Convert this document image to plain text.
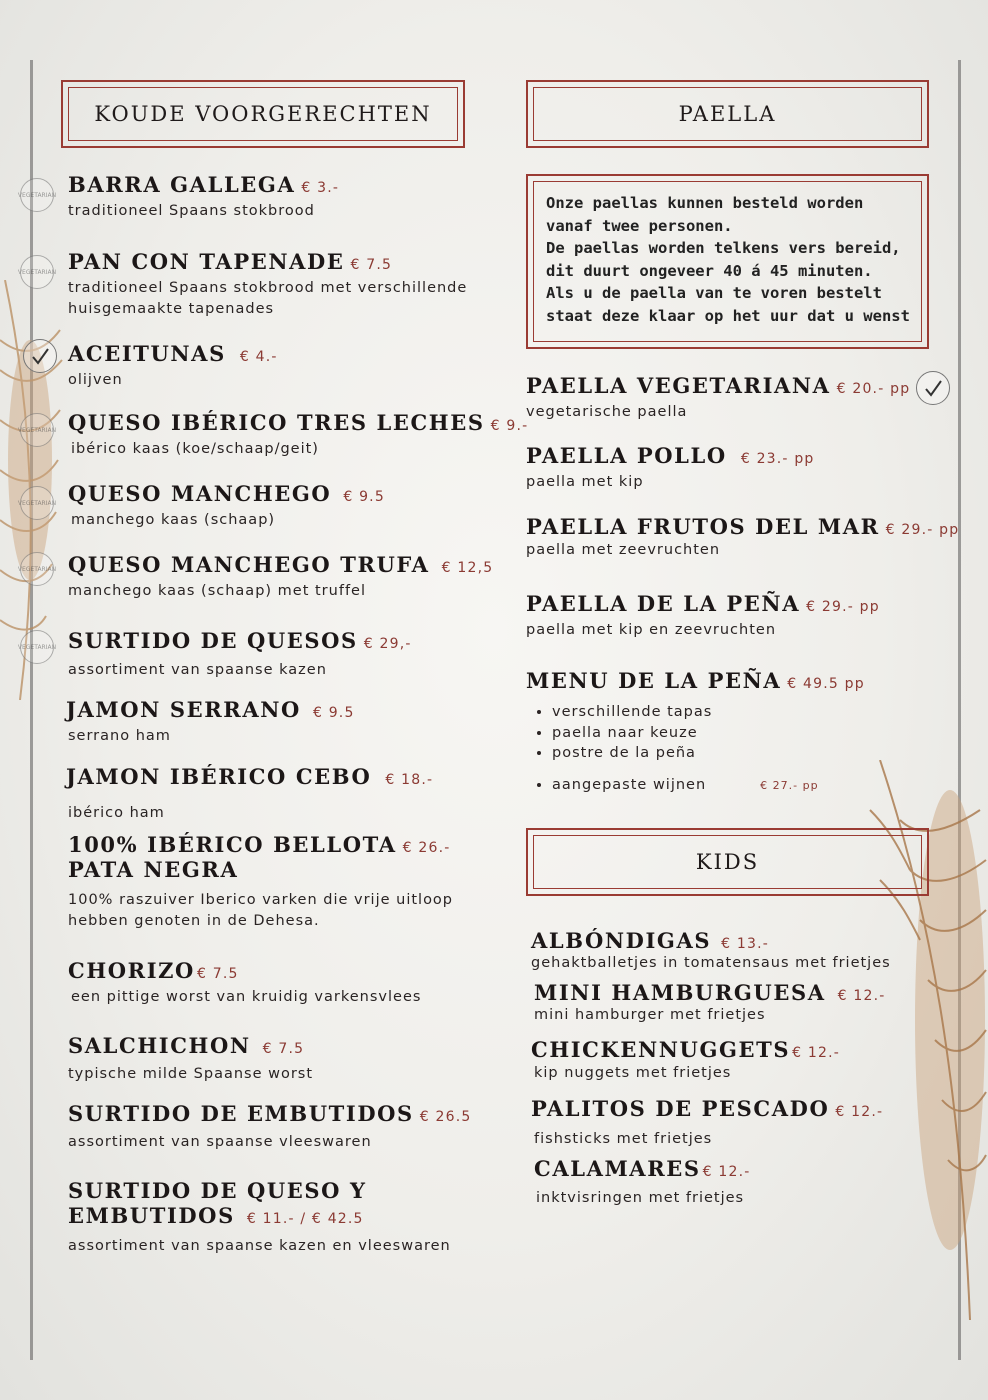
KOUDE VOORGERECHTEN
VEGETARIAN
VEGETARIAN
VEGETARIAN
VEGETARIAN
VEGETARIAN
VEGETARIAN
BARRA GALLEGA € 3.-
traditioneel Spaans stokbrood
PAN CON TAPENADE € 7.5
traditioneel Spaans stokbrood met verschillende huisgemaakte tapenades
ACEITUNAS € 4.-
olijven
QUESO IBÉRICO TRES LECHES € 9.-
ibérico kaas (koe/schaap/geit)
QUESO MANCHEGO € 9.5
manchego kaas (schaap)
QUESO MANCHEGO TRUFA € 12,5
manchego kaas (schaap) met truffel
SURTIDO DE QUESOS € 29,-
assortiment van spaanse kazen
JAMON SERRANO € 9.5
serrano ham
JAMON IBÉRICO CEBO € 18.-
ibérico ham
100% IBÉRICO BELLOTA € 26.-
PATA NEGRA
100% raszuiver Iberico varken die vrije uitloop hebben genoten in de Dehesa.
CHORIZO € 7.5
een pittige worst van kruidig varkensvlees
SALCHICHON € 7.5
typische milde Spaanse worst
SURTIDO DE EMBUTIDOS € 26.5
assortiment van spaanse vleeswaren
SURTIDO DE QUESO Y
EMBUTIDOS € 11.- / € 42.5
assortiment van spaanse kazen en vleeswaren
PAELLA
Onze paellas kunnen besteld worden
vanaf twee personen.
De paellas worden telkens vers bereid,
dit duurt ongeveer 40 á 45 minuten.
Als u de paella van te voren bestelt
staat deze klaar op het uur dat u wenst
PAELLA VEGETARIANA € 20.- pp
vegetarische paella
PAELLA POLLO € 23.- pp
paella met kip
PAELLA FRUTOS DEL MAR € 29.- pp
paella met zeevruchten
PAELLA DE LA PEÑA € 29.- pp
paella met kip en zeevruchten
MENU DE LA PEÑA € 49.5 pp
• verschillende tapas
• paella naar keuze
• postre de la peña
• aangepaste wijnen	€ 27.- pp
KIDS
ALBÓNDIGAS € 13.-
gehaktballetjes in tomatensaus met frietjes
MINI HAMBURGUESA € 12.-
mini hamburger met frietjes
CHICKENNUGGETS € 12.-
kip nuggets met frietjes
PALITOS DE PESCADO € 12.-
fishsticks met frietjes
CALAMARES € 12.-
inktvisringen met frietjes
